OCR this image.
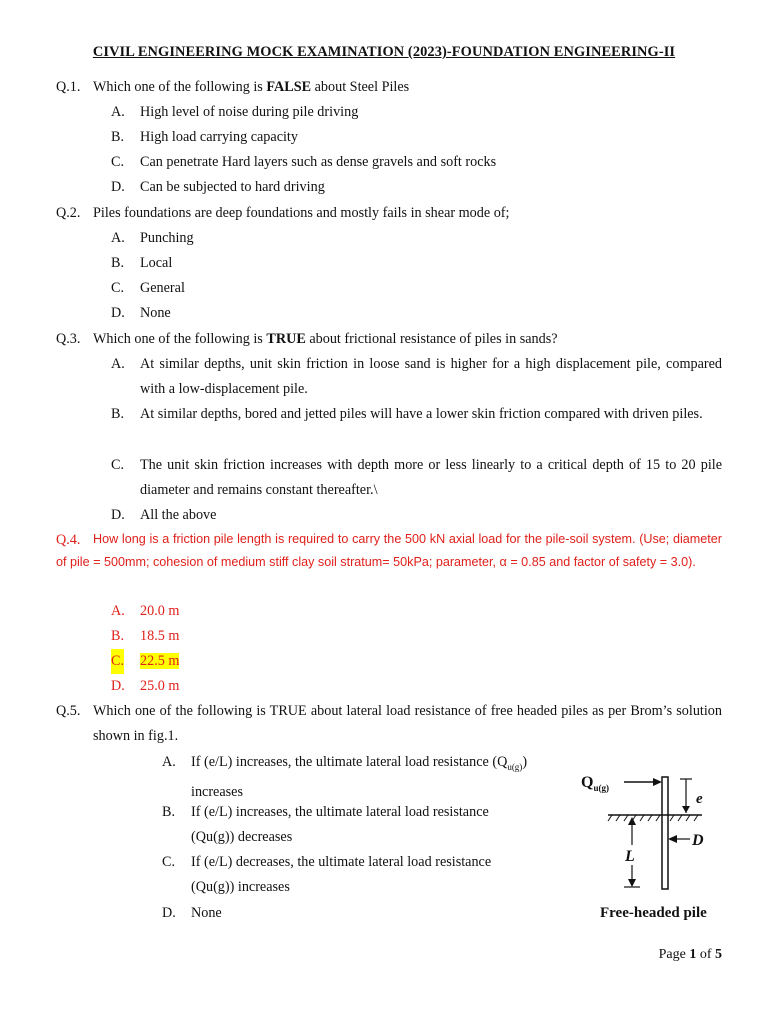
CIVIL ENGINEERING MOCK EXAMINATION (2023)-FOUNDATION ENGINEERING-II
Q.1. Which one of the following is FALSE about Steel Piles
A. High level of noise during pile driving
B. High load carrying capacity
C. Can penetrate Hard layers such as dense gravels and soft rocks
D. Can be subjected to hard driving
Q.2. Piles foundations are deep foundations and mostly fails in shear mode of;
A. Punching
B. Local
C. General
D. None
Q.3. Which one of the following is TRUE about frictional resistance of piles in sands?
A. At similar depths, unit skin friction in loose sand is higher for a high displacement pile, compared with a low-displacement pile.
B. At similar depths, bored and jetted piles will have a lower skin friction compared with driven piles.
C. The unit skin friction increases with depth more or less linearly to a critical depth of 15 to 20 pile diameter and remains constant thereafter.\
D. All the above
Q.4. How long is a friction pile length is required to carry the 500 kN axial load for the pile-soil system. (Use; diameter of pile = 500mm; cohesion of medium stiff clay soil stratum= 50kPa; parameter, α = 0.85 and factor of safety = 3.0).
A. 20.0 m
B. 18.5 m
C. 22.5 m
D. 25.0 m
Q.5. Which one of the following is TRUE about lateral load resistance of free headed piles as per Brom’s solution shown in fig.1.
A. If (e/L) increases, the ultimate lateral load resistance $(Q_{u(g)})$
increases
B. If (e/L) increases, the ultimate lateral load resistance
(Qu(g)) decreases
C. If (e/L) decreases, the ultimate lateral load resistance
(Qu(g)) increases
D. None
$Q_{u(g)}$
e
D
L
Free-headed pile
Page 1 of 5
